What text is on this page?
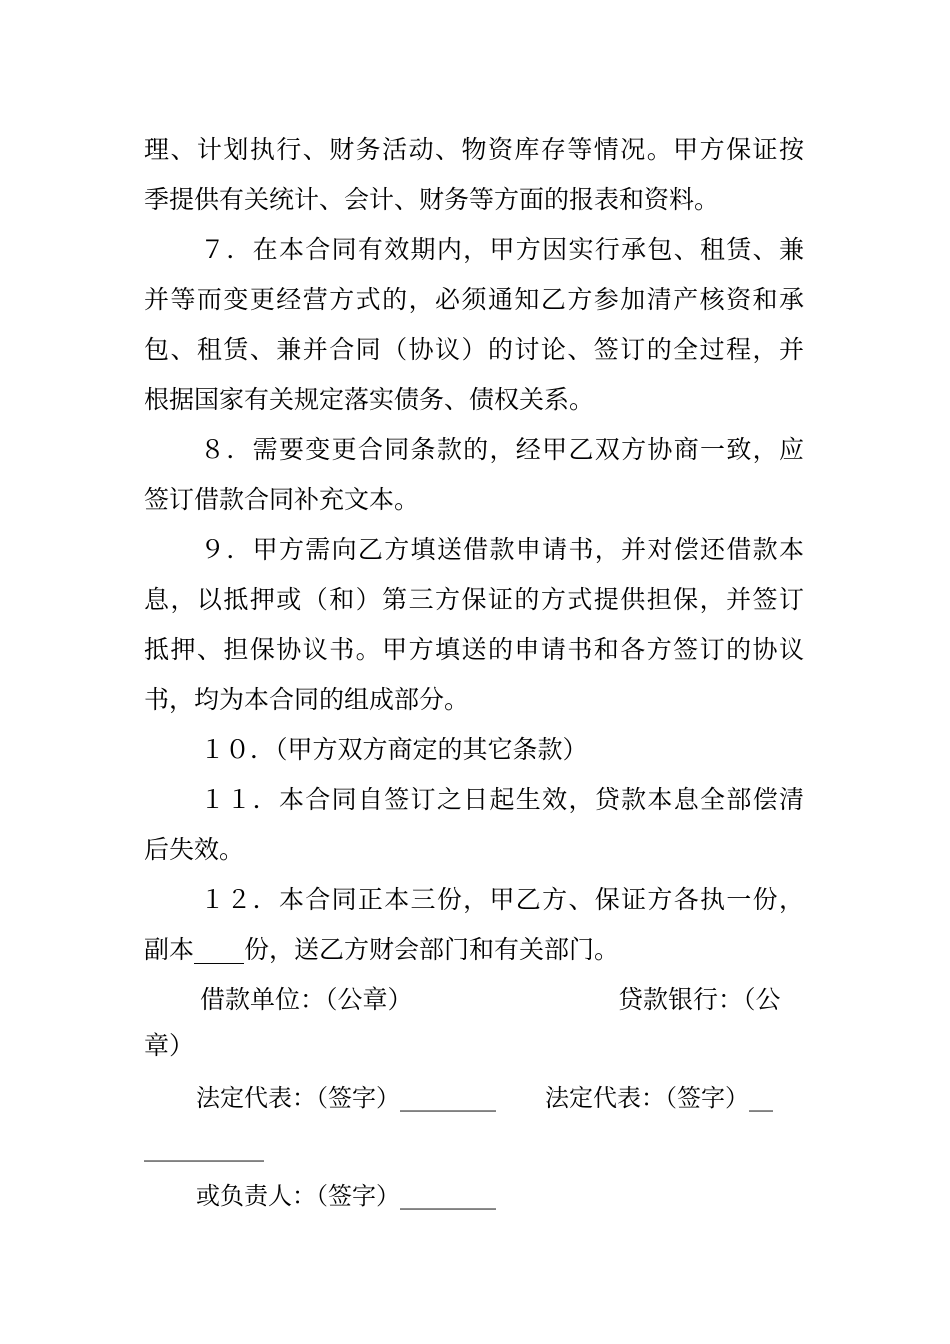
理、计划执行、财务活动、物资库存等情况。甲方保证按
季提供有关统计、会计、财务等方面的报表和资料。
７．在本合同有效期内，甲方因实行承包、租赁、兼
并等而变更经营方式的，必须通知乙方参加清产核资和承
包、租赁、兼并合同（协议）的讨论、签订的全过程，并
根据国家有关规定落实债务、债权关系。
８．需要变更合同条款的，经甲乙双方协商一致，应
签订借款合同补充文本。
９．甲方需向乙方填送借款申请书，并对偿还借款本
息，以抵押或（和）第三方保证的方式提供担保，并签订
抵押、担保协议书。甲方填送的申请书和各方签订的协议
书，均为本合同的组成部分。
１０．（甲方双方商定的其它条款）
１１．本合同自签订之日起生效，贷款本息全部偿清
后失效。
１２．本合同正本三份，甲乙方、保证方各执一份，
副本____份，送乙方财会部门和有关部门。
借款单位：（公章）	贷款银行：（公
章）
法定代表：（签字）________ 法定代表：（签字）__
__________
或负责人：（签字）________
